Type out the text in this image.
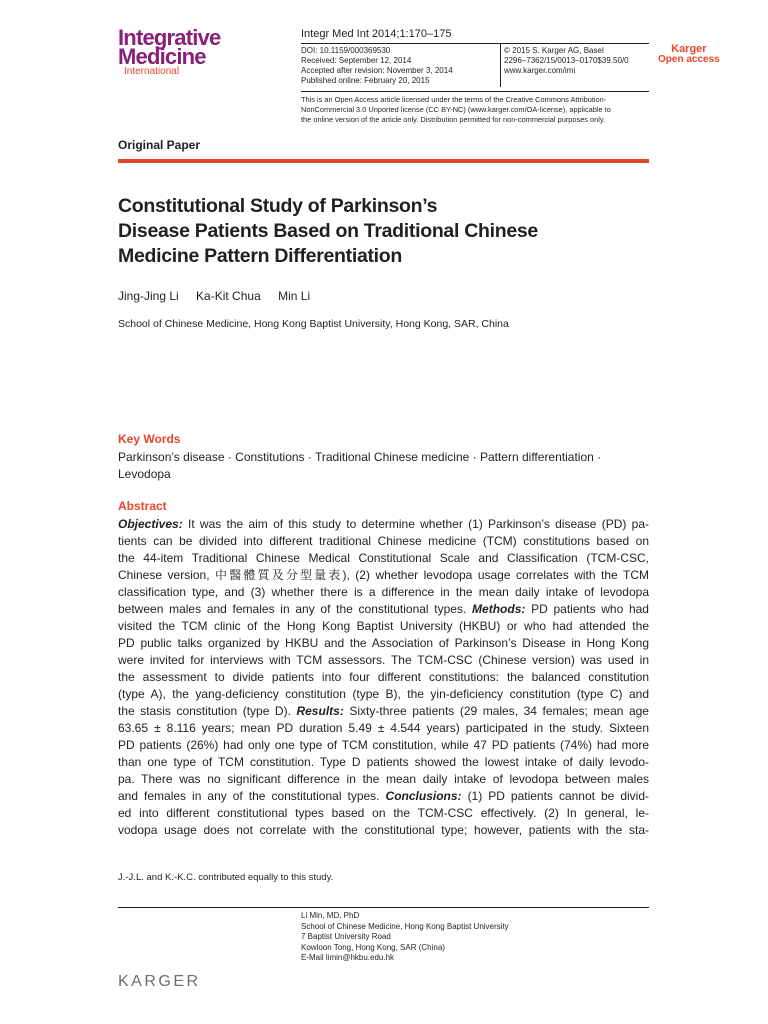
Integrative
Medicine
International
Integr Med Int 2014;1:170–175
DOI: 10.1159/000369530
Received: September 12, 2014
Accepted after revision: November 3, 2014
Published online: February 20, 2015
© 2015 S. Karger AG, Basel
2296–7362/15/0013–0170$39.50/0
www.karger.com/imi
This is an Open Access article licensed under the terms of the Creative Commons Attribution-
NonCommercial 3.0 Unported license (CC BY-NC) (www.karger.com/OA-license), applicable to
the online version of the article only. Distribution permitted for non-commercial purposes only.
Karger
Open access
Original Paper
Constitutional Study of Parkinson’s
Disease Patients Based on Traditional Chinese
Medicine Pattern Differentiation
Jing-Jing Li Ka-Kit Chua Min Li
School of Chinese Medicine, Hong Kong Baptist University, Hong Kong, SAR, China
Key Words
Parkinson’s disease · Constitutions · Traditional Chinese medicine · Pattern differentiation ·
Levodopa
Abstract
Objectives: It was the aim of this study to determine whether (1) Parkinson’s disease (PD) pa-
tients can be divided into different traditional Chinese medicine (TCM) constitutions based on
the 44-item Traditional Chinese Medical Constitutional Scale and Classification (TCM-CSC,
Chinese version, 中醫體質及分型量表), (2) whether levodopa usage correlates with the TCM
classification type, and (3) whether there is a difference in the mean daily intake of levodopa
between males and females in any of the constitutional types. Methods: PD patients who had
visited the TCM clinic of the Hong Kong Baptist University (HKBU) or who had attended the
PD public talks organized by HKBU and the Association of Parkinson’s Disease in Hong Kong
were invited for interviews with TCM assessors. The TCM-CSC (Chinese version) was used in
the assessment to divide patients into four different constitutions: the balanced constitution
(type A), the yang-deficiency constitution (type B), the yin-deficiency constitution (type C) and
the stasis constitution (type D). Results: Sixty-three patients (29 males, 34 females; mean age
63.65 ± 8.116 years; mean PD duration 5.49 ± 4.544 years) participated in the study. Sixteen
PD patients (26%) had only one type of TCM constitution, while 47 PD patients (74%) had more
than one type of TCM constitution. Type D patients showed the lowest intake of daily levodo-
pa. There was no significant difference in the mean daily intake of levodopa between males
and females in any of the constitutional types. Conclusions: (1) PD patients cannot be divid-
ed into different constitutional types based on the TCM-CSC effectively. (2) In general, le-
vodopa usage does not correlate with the constitutional type; however, patients with the sta-
J.-J.L. and K.-K.C. contributed equally to this study.
Li Min, MD, PhD
School of Chinese Medicine, Hong Kong Baptist University
7 Baptist University Road
Kowloon Tong, Hong Kong, SAR (China)
E-Mail limin@hkbu.edu.hk
KARGER
